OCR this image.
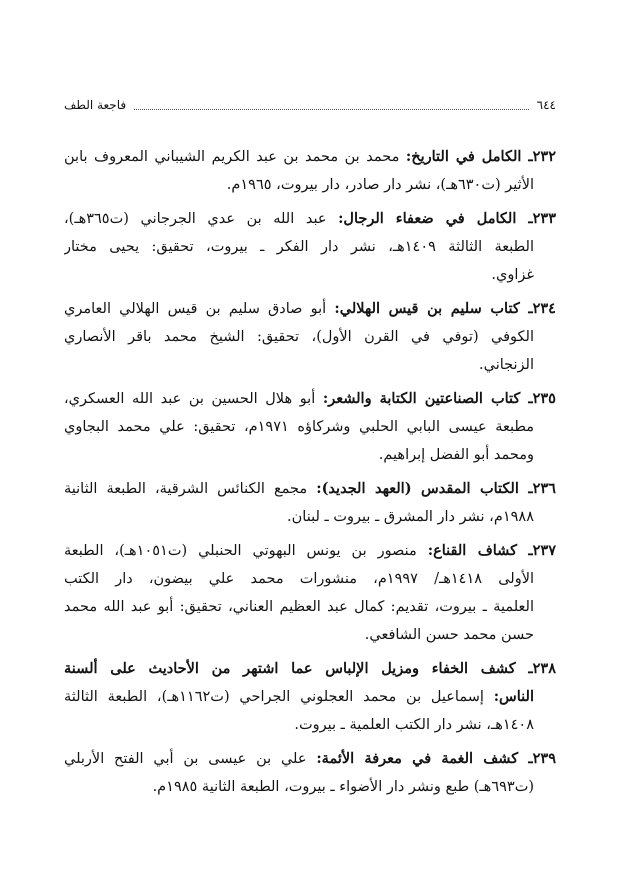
٦٤٤
فاجعة الطف
٢٣٢ـ الكامل في التاريخ: محمد بن محمد بن عبد الكريم الشيباني المعروف بابن
الأثير (ت٦٣٠هـ)، نشر دار صادر، دار بيروت، ١٩٦٥م.
٢٣٣ـ الكامل في ضعفاء الرجال: عبد الله بن عدي الجرجاني (ت٣٦٥هـ)،
الطبعة الثالثة ١٤٠٩هـ، نشر دار الفكر ـ بيروت، تحقيق: يحيى مختار
غزاوي.
٢٣٤ـ كتاب سليم بن قيس الهلالي: أبو صادق سليم بن قيس الهلالي العامري
الكوفي (توفي في القرن الأول)، تحقيق: الشيخ محمد باقر الأنصاري
الزنجاني.
٢٣٥ـ كتاب الصناعتين الكتابة والشعر: أبو هلال الحسين بن عبد الله العسكري،
مطبعة عيسى البابي الحلبي وشركاؤه ١٩٧١م، تحقيق: علي محمد البجاوي
ومحمد أبو الفضل إبراهيم.
٢٣٦ـ الكتاب المقدس (العهد الجديد): مجمع الكنائس الشرقية، الطبعة الثانية
١٩٨٨م، نشر دار المشرق ـ بيروت ـ لبنان.
٢٣٧ـ كشاف القناع: منصور بن يونس البهوتي الحنبلي (ت١٠٥١هـ)، الطبعة
الأولى ١٤١٨هـ/ ١٩٩٧م، منشورات محمد علي بيضون، دار الكتب
العلمية ـ بيروت، تقديم: كمال عبد العظيم العناني، تحقيق: أبو عبد الله محمد
حسن محمد حسن الشافعي.
٢٣٨ـ كشف الخفاء ومزيل الإلباس عما اشتهر من الأحاديث على ألسنة
الناس: إسماعيل بن محمد العجلوني الجراحي (ت١١٦٢هـ)، الطبعة الثالثة
١٤٠٨هـ، نشر دار الكتب العلمية ـ بيروت.
٢٣٩ـ كشف الغمة في معرفة الأئمة: علي بن عيسى بن أبي الفتح الأربلي
(ت٦٩٣هـ) طبع ونشر دار الأضواء ـ بيروت، الطبعة الثانية ١٩٨٥م.
